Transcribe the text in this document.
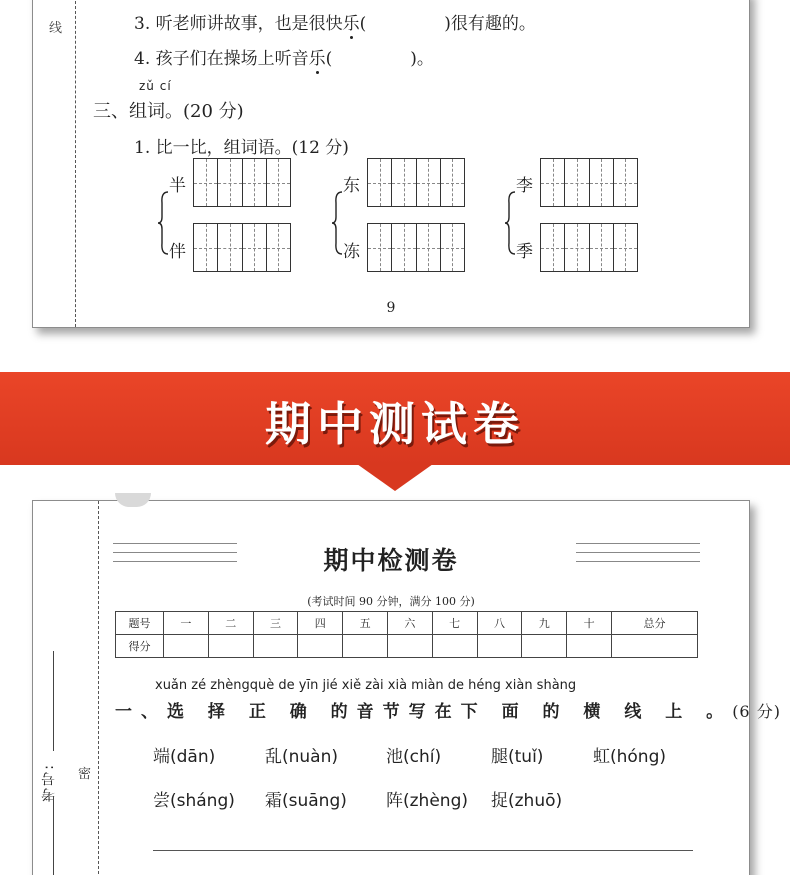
线	3. 听老师讲故事，也是很快乐(	)很有趣的。
4. 孩子们在操场上听音乐(	)。
zǔ cí
三、组词。(20 分)
1. 比一比，组词语。(12 分)
半
伴
东
冻
李
季
9
期中测试卷
考号: 密
期中检测卷
(考试时间 90 分钟，满分 100 分)
题号	一	二	三	四	五	六	七	八	九	十	总分
得分											
xuǎn zé zhèngquè de yīn jié xiě zài xià miàn de héng xiàn shàng
一、选 择 正 确 的音节写在下 面 的 横 线 上 。(6 分)
端(dān)	乱(nuàn)	池(chí)	腿(tuǐ)	虹(hóng)
尝(sháng) 霜(suāng) 阵(zhèng) 捉(zhuō)
